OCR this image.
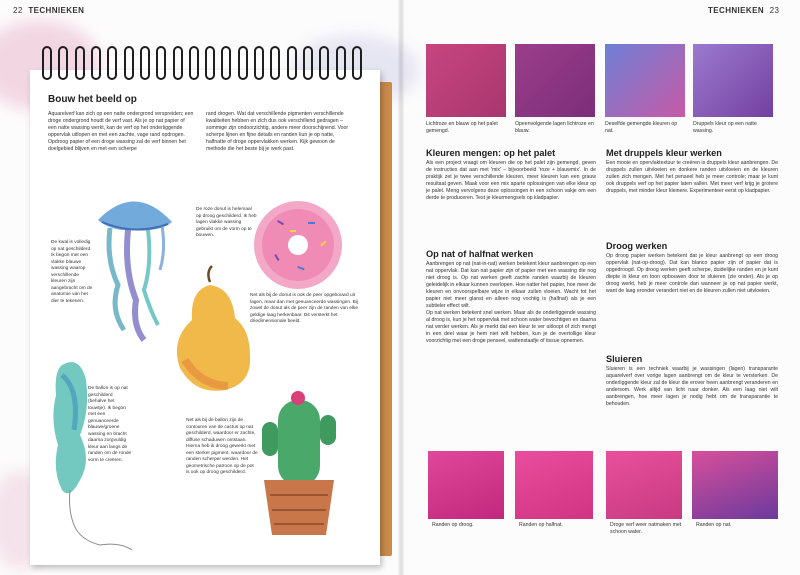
22 TECHNIEKEN
Bouw het beeld op
Aquarelverf kan zich op een natte ondergrond verspreiden; een droge ondergrond houdt de verf vast. Als je op nat papier of een natte wassing werkt, kan de verf op het onderliggende oppervlak uitlopen en met een zachte, vage rand opdrogen. Opdroog papier of een droge wassing zal de verf binnen het doelgebied blijven en met een scherpe
rand drogen. Wat dat verschillende pigmenten verschillende kwaliteiten hebben en zich dus ook verschillend gedragen – sommige zijn ondoorzichtig, andere meer doorschijnend. Voor scherpe lijnen en fijne details en randen kun je op natte, halfnatte of droge oppervlakken werken. Kijk gewoon de methode die het beste bij je werk past.
De roze donut is helemaal op droog geschilderd. Ik heb lagen vlakke wassing gebruikt om de vorm op te bouwen.
De kwal is volledig op nat geschilderd. Ik begon met een vlakke blauwe wassing waarop verschillende kleuren zijn aangebracht om de anatomie van het dier te tekenen.
Net als bij de donut is ook de peer opgebouwd uit lagen, maar dan met genuanceerde wassingen. Bij zowel de donut als de peer zijn de randen van elke geldige laag herkenbaar. Dit versterkt het driedimensionale beeld.
De ballon is op nat geschilderd (behalve het touwtje). Ik begon met een genuanceerde blauwe/groene wassing en bracht daarna zorgvuldig kleur aan langs de randen om de ronde vorm te creëren.
Net als bij de ballon zijn de contouren van de cactus op nat geschilderd, waardoor er zachte, diffuse schaduwen ontstaan. Hierna heb ik droog gewerkt met een sterker pigment, waardoor de randen scherper werden. Het geometrische patroon op de pot is ook op droog geschilderd.
TECHNIEKEN 23
Lichtroze en blauw op het palet gemengd.
Opeenvolgende lagen lichtroze en blauw.
Deselfde gemengde kleuren op nat.
Druppels kleur op een natte wassing.
Kleuren mengen: op het palet
Als een project vraagt om kleuren die op het palet zijn gemengd, geven de instructies dat aan met 'mix' – bijvoorbeeld 'roze + blauwmix'. In de praktijk zet je twee verschillende kleuren, meer kleuren kan een grauw resultaat geven. Maak voor een mix aparte oplossingen van elke kleur op je palet. Meng vervolgens deze oplossingen in een schoon vakje om een derde te produceren. Test je kleurmengsels op kladpapier.
Op nat of halfnat werken
Aanbrengen op nat (nat-in-nat) werken betekent kleur aanbrengen op een nat oppervlak. Dat kan nat papier zijn of papier met een wassing die nog niet droog is. Op nat werken geeft zachte randen waarbij de kleuren geleidelijk in elkaar kunnen overlopen. Hoe natter het papier, hoe meer de kleuren en onvoorspelbare wijze in elkaar zullen vloeien. Wacht tot het papier niet meer glanst en alleen nog vochtig is (halfnat) als je een subtieler effect wilt.
Op nat werken betekent snel werken. Maar als de onderliggende wassing al droog is, kun je het oppervlak met schoon water bevochtigen en daarna nat verder werken. Als je merkt dat een kleur te ver uitloopt of zich mengt in een deel waar je hem niet wilt hebben, kun je de overtollige kleur voorzichtig met een droge penseel, wattenstaafje of tissue opnemen.
Met druppels kleur werken
Een mooie en opervlaktextuur te creëren is druppels kleur aanbrengen. De druppels zullen uitvloeien en donkere randen uitvloeien en de kleuren zullen zich mengen. Met het penseel heb je meer controle; maar je kunt ook druppels verf op het papier laten vallen. Met meer verf krijg je grotere druppels, met minder kleur kleinere. Experimenteer eerst op kladpapier.
Droog werken
Op droog papier werken betekent dat je kleur aanbrengt op een droog oppervlak (nat-op-droog). Dat kan blanco papier zijn of papier dat is opgedroogd. Op droog werken geeft scherpe, duidelijke randen en je kunt diepte in kleur en toon opbouwen door te sluieren (zie onder). Als je op droog werkt, heb je meer controle dan wanneer je op nat papier werkt, want de laag eronder verandert niet en de kleuren zullen niet uitvloeien.
Sluieren
Sluieren is een techniek waarbij je wassingen (lagen) transparante aquarelverf over vorige lagen aanbrengt om de kleur te versterken. De onderliggende kleur zal de kleur die erover heen aanbrengt veranderen en andersom. Werk altijd van licht naar donker. Als een laag niet wilt aanbrengen, hoe meer lagen je nodig hebt om de transparantie te behouden.
Randen op droog.	Randen op halfnat.	Droge verf weer natmaken met schoon water.
Randen op nat.
